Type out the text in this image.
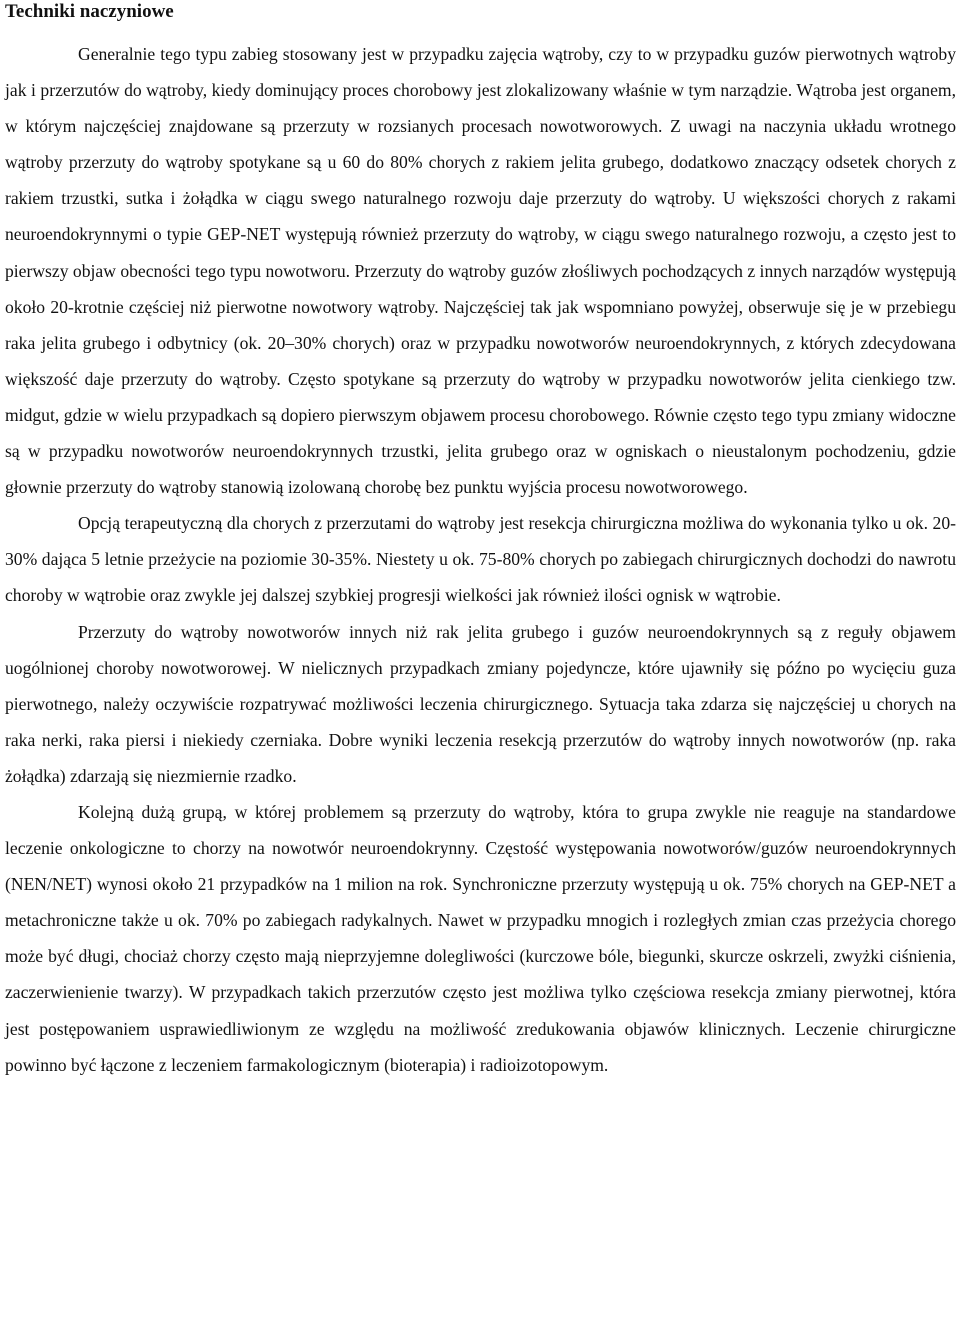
Techniki naczyniowe

Generalnie tego typu zabieg stosowany jest w przypadku zajęcia wątroby, czy to w przypadku guzów pierwotnych wątroby jak i przerzutów do wątroby, kiedy dominujący proces chorobowy jest zlokalizowany właśnie w tym narządzie. Wątroba jest organem, w którym najczęściej znajdowane są przerzuty w rozsianych procesach nowotworowych. Z uwagi na naczynia układu wrotnego wątroby przerzuty do wątroby spotykane są u 60 do 80% chorych z rakiem jelita grubego, dodatkowo znaczący odsetek chorych z rakiem trzustki, sutka i żołądka w ciągu swego naturalnego rozwoju daje przerzuty do wątroby. U większości chorych z rakami neuroendokrynnymi o typie GEP-NET występują również przerzuty do wątroby, w ciągu swego naturalnego rozwoju, a często jest to pierwszy objaw obecności tego typu nowotworu. Przerzuty do wątroby guzów złośliwych pochodzących z innych narządów występują około 20-krotnie częściej niż pierwotne nowotwory wątroby. Najczęściej tak jak wspomniano powyżej, obserwuje się je w przebiegu raka jelita grubego i odbytnicy (ok. 20–30% chorych) oraz w przypadku nowotworów neuroendokrynnych, z których zdecydowana większość daje przerzuty do wątroby. Często spotykane są przerzuty do wątroby w przypadku nowotworów jelita cienkiego tzw. midgut, gdzie w wielu przypadkach są dopiero pierwszym objawem procesu chorobowego. Równie często tego typu zmiany widoczne są w przypadku nowotworów neuroendokrynnych trzustki, jelita grubego oraz w ogniskach o nieustalonym pochodzeniu, gdzie głownie przerzuty do wątroby stanowią izolowaną chorobę bez punktu wyjścia procesu nowotworowego.

Opcją terapeutyczną dla chorych z przerzutami do wątroby jest resekcja chirurgiczna możliwa do wykonania tylko u ok. 20-30% dająca 5 letnie przeżycie na poziomie 30-35%. Niestety u ok. 75-80% chorych po zabiegach chirurgicznych dochodzi do nawrotu choroby w wątrobie oraz zwykle jej dalszej szybkiej progresji wielkości jak również ilości ognisk w wątrobie.

Przerzuty do wątroby nowotworów innych niż rak jelita grubego i guzów neuroendokrynnych są z reguły objawem uogólnionej choroby nowotworowej. W nielicznych przypadkach zmiany pojedyncze, które ujawniły się późno po wycięciu guza pierwotnego, należy oczywiście rozpatrywać możliwości leczenia chirurgicznego. Sytuacja taka zdarza się najczęściej u chorych na raka nerki, raka piersi i niekiedy czerniaka. Dobre wyniki leczenia resekcją przerzutów do wątroby innych nowotworów (np. raka żołądka) zdarzają się niezmiernie rzadko.

Kolejną dużą grupą, w której problemem są przerzuty do wątroby, która to grupa zwykle nie reaguje na standardowe leczenie onkologiczne to chorzy na nowotwór neuroendokrynny. Częstość występowania nowotworów/guzów neuroendokrynnych (NEN/NET) wynosi około 21 przypadków na 1 milion na rok. Synchroniczne przerzuty występują u ok. 75% chorych na GEP-NET a metachroniczne także u ok. 70% po zabiegach radykalnych. Nawet w przypadku mnogich i rozległych zmian czas przeżycia chorego może być długi, chociaż chorzy często mają nieprzyjemne dolegliwości (kurczowe bóle, biegunki, skurcze oskrzeli, zwyżki ciśnienia, zaczerwienienie twarzy). W przypadkach takich przerzutów często jest możliwa tylko częściowa resekcja zmiany pierwotnej, która jest postępowaniem usprawiedliwionym ze względu na możliwość zredukowania objawów klinicznych. Leczenie chirurgiczne powinno być łączone z leczeniem farmakologicznym (bioterapia) i radioizotopowym.
